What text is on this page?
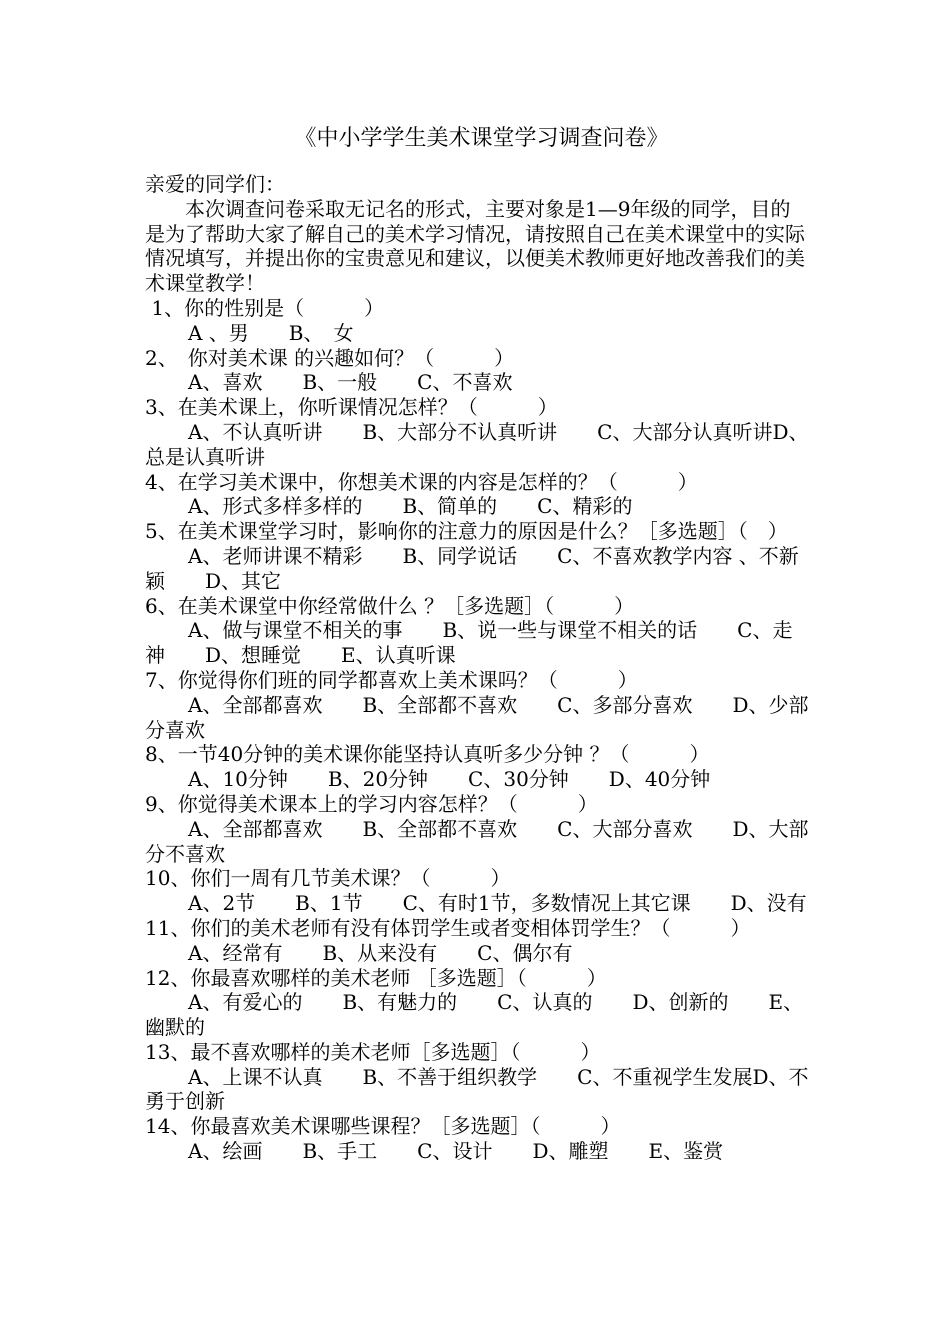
《中小学学生美术课堂学习调查问卷》

亲爱的同学们：

本次调查问卷采取无记名的形式，主要对象是1—9年级的同学，目的是为了帮助大家了解自己的美术学习情况，请按照自己在美术课堂中的实际情况填写，并提出你的宝贵意见和建议，以便美术教师更好地改善我们的美术课堂教学！

1、你的性别是（　　　）

A 、男　　B、　女

2、　你对美术课 的兴趣如何？（　　　）

A、喜欢　　B、一般　　C、不喜欢

3、在美术课上，你听课情况怎样？（　　　）

A、不认真听讲　　B、大部分不认真听讲　　C、大部分认真听讲D、总是认真听讲

4、在学习美术课中，你想美术课的内容是怎样的？（　　　）

A、形式多样多样的　　B、简单的　　C、精彩的

5、在美术课堂学习时，影响你的注意力的原因是什么？［多选题］（　）

A、老师讲课不精彩　　B、同学说话　　C、不喜欢教学内容 、不新颖　　D、其它

6、在美术课堂中你经常做什么 ？［多选题］（　　　）

A、做与课堂不相关的事　　B、说一些与课堂不相关的话　　C、走神　　D、想睡觉　　E、认真听课

7、你觉得你们班的同学都喜欢上美术课吗？（　　　）

A、全部都喜欢　　B、全部都不喜欢　　C、多部分喜欢　　D、少部分喜欢

8、一节40分钟的美术课你能坚持认真听多少分钟 ？（　　　）

A、10分钟　　B、20分钟　　C、30分钟　　D、40分钟

9、你觉得美术课本上的学习内容怎样？（　　　）

A、全部都喜欢　　B、全部都不喜欢　　C、大部分喜欢　　D、大部分不喜欢

10、你们一周有几节美术课？（　　　）

A、2节　　B、1节　　C、有时1节，多数情况上其它课　　D、没有

11、你们的美术老师有没有体罚学生或者变相体罚学生？（　　　）

A、经常有　　B、从来没有　　C、偶尔有

12、你最喜欢哪样的美术老师 ［多选题］（　　　）

A、有爱心的　　B、有魅力的　　C、认真的　　D、创新的　　E、幽默的

13、最不喜欢哪样的美术老师［多选题］（　　　）

A、上课不认真　　B、不善于组织教学　　C、不重视学生发展D、不勇于创新

14、你最喜欢美术课哪些课程？［多选题］（　　　）

A、绘画　　B、手工　　C、设计　　D、雕塑　　E、鉴赏
